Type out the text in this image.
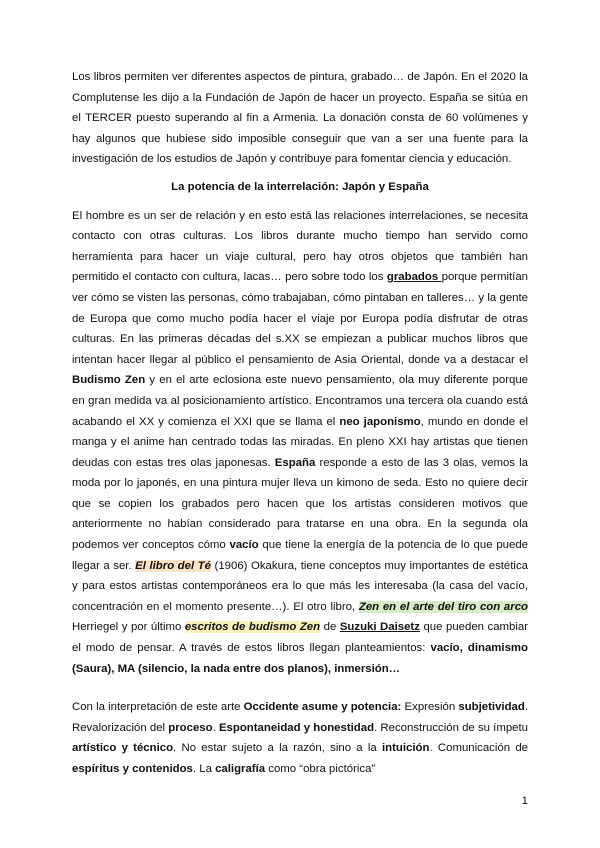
Los libros permiten ver diferentes aspectos de pintura, grabado… de Japón. En el 2020 la Complutense les dijo a la Fundación de Japón de hacer un proyecto. España se sitúa en el TERCER puesto superando al fin a Armenia. La donación consta de 60 volúmenes y hay algunos que hubiese sido imposible conseguir que van a ser una fuente para la investigación de los estudios de Japón y contribuye para fomentar ciencia y educación.

La potencia de la interrelación: Japón y España

El hombre es un ser de relación y en esto está las relaciones interrelaciones, se necesita contacto con otras culturas. Los libros durante mucho tiempo han servido como herramienta para hacer un viaje cultural, pero hay otros objetos que también han permitido el contacto con cultura, lacas… pero sobre todo los grabados porque permitían ver cómo se visten las personas, cómo trabajaban, cómo pintaban en talleres… y la gente de Europa que como mucho podía hacer el viaje por Europa podía disfrutar de otras culturas. En las primeras décadas del s.XX se empiezan a publicar muchos libros que intentan hacer llegar al público el pensamiento de Asia Oriental, donde va a destacar el Budismo Zen y en el arte eclosiona este nuevo pensamiento, ola muy diferente porque en gran medida va al posicionamiento artístico. Encontramos una tercera ola cuando está acabando el XX y comienza el XXI que se llama el neo japonismo, mundo en donde el manga y el anime han centrado todas las miradas. En pleno XXI hay artistas que tienen deudas con estas tres olas japonesas. España responde a esto de las 3 olas, vemos la moda por lo japonés, en una pintura mujer lleva un kimono de seda. Esto no quiere decir que se copien los grabados pero hacen que los artistas consideren motivos que anteriormente no habían considerado para tratarse en una obra. En la segunda ola podemos ver conceptos cómo vacío que tiene la energía de la potencia de lo que puede llegar a ser. El libro del Té (1906) Okakura, tiene conceptos muy importantes de estética y para estos artistas contemporáneos era lo que más les interesaba (la casa del vacío, concentración en el momento presente…). El otro libro, Zen en el arte del tiro con arco Herriegel y por último escritos de budismo Zen de Suzuki Daisetz que pueden cambiar el modo de pensar. A través de estos libros llegan planteamientos: vacío, dinamismo (Saura), MA (silencio, la nada entre dos planos), inmersión…

Con la interpretación de este arte Occidente asume y potencia: Expresión subjetividad. Revalorización del proceso. Espontaneidad y honestidad. Reconstrucción de su ímpetu artístico y técnico. No estar sujeto a la razón, sino a la intuición. Comunicación de espíritus y contenidos. La caligrafía como “obra pictórica”

1
